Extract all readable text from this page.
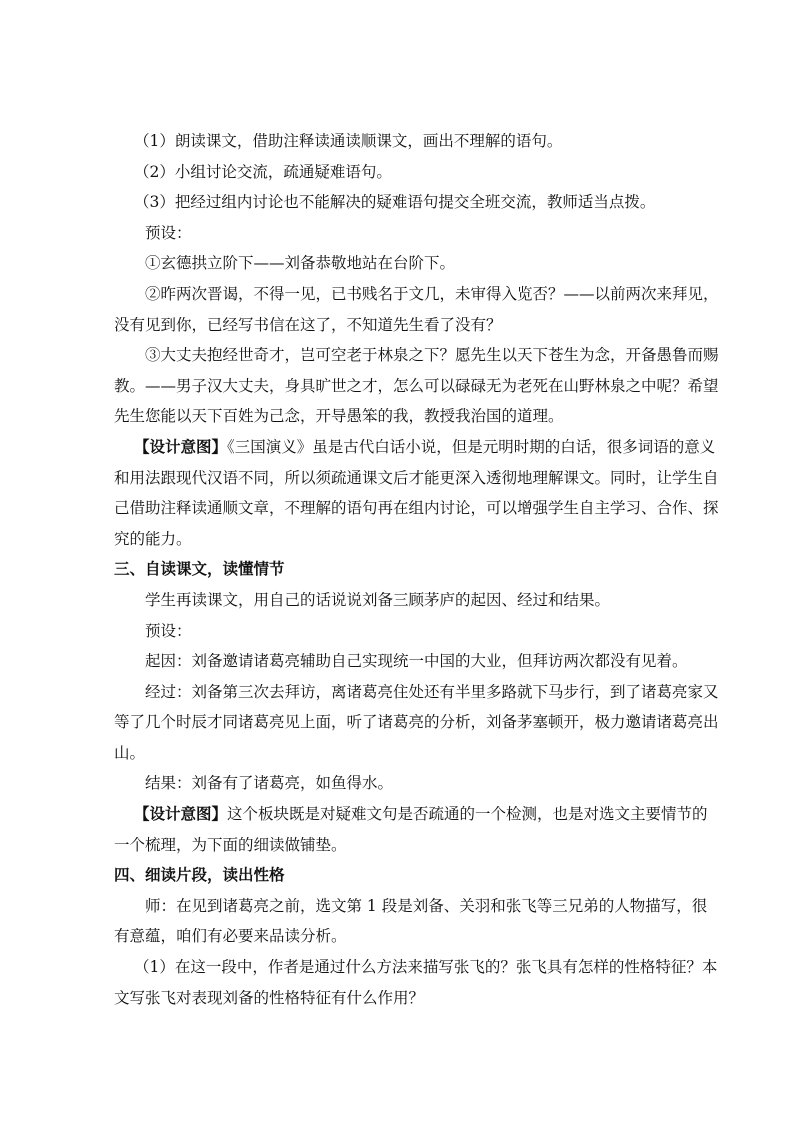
（1）朗读课文，借助注释读通读顺课文，画出不理解的语句。

（2）小组讨论交流，疏通疑难语句。

（3）把经过组内讨论也不能解决的疑难语句提交全班交流，教师适当点拨。

预设：

①玄德拱立阶下——刘备恭敬地站在台阶下。

②昨两次晋谒，不得一见，已书贱名于文几，未审得入览否？——以前两次来拜见，没有见到你，已经写书信在这了，不知道先生看了没有？

③大丈夫抱经世奇才，岂可空老于林泉之下？愿先生以天下苍生为念，开备愚鲁而赐教。——男子汉大丈夫，身具旷世之才，怎么可以碌碌无为老死在山野林泉之中呢？希望先生您能以天下百姓为己念，开导愚笨的我，教授我治国的道理。

【设计意图】《三国演义》虽是古代白话小说，但是元明时期的白话，很多词语的意义和用法跟现代汉语不同，所以须疏通课文后才能更深入透彻地理解课文。同时，让学生自己借助注释读通顺文章，不理解的语句再在组内讨论，可以增强学生自主学习、合作、探究的能力。

三、自读课文，读懂情节

学生再读课文，用自己的话说说刘备三顾茅庐的起因、经过和结果。

预设：

起因：刘备邀请诸葛亮辅助自己实现统一中国的大业，但拜访两次都没有见着。

经过：刘备第三次去拜访，离诸葛亮住处还有半里多路就下马步行，到了诸葛亮家又等了几个时辰才同诸葛亮见上面，听了诸葛亮的分析，刘备茅塞顿开，极力邀请诸葛亮出山。

结果：刘备有了诸葛亮，如鱼得水。

【设计意图】这个板块既是对疑难文句是否疏通的一个检测，也是对选文主要情节的一个梳理，为下面的细读做铺垫。

四、细读片段，读出性格

师：在见到诸葛亮之前，选文第 1 段是刘备、关羽和张飞等三兄弟的人物描写，很有意蕴，咱们有必要来品读分析。

（1）在这一段中，作者是通过什么方法来描写张飞的？张飞具有怎样的性格特征？本文写张飞对表现刘备的性格特征有什么作用？
